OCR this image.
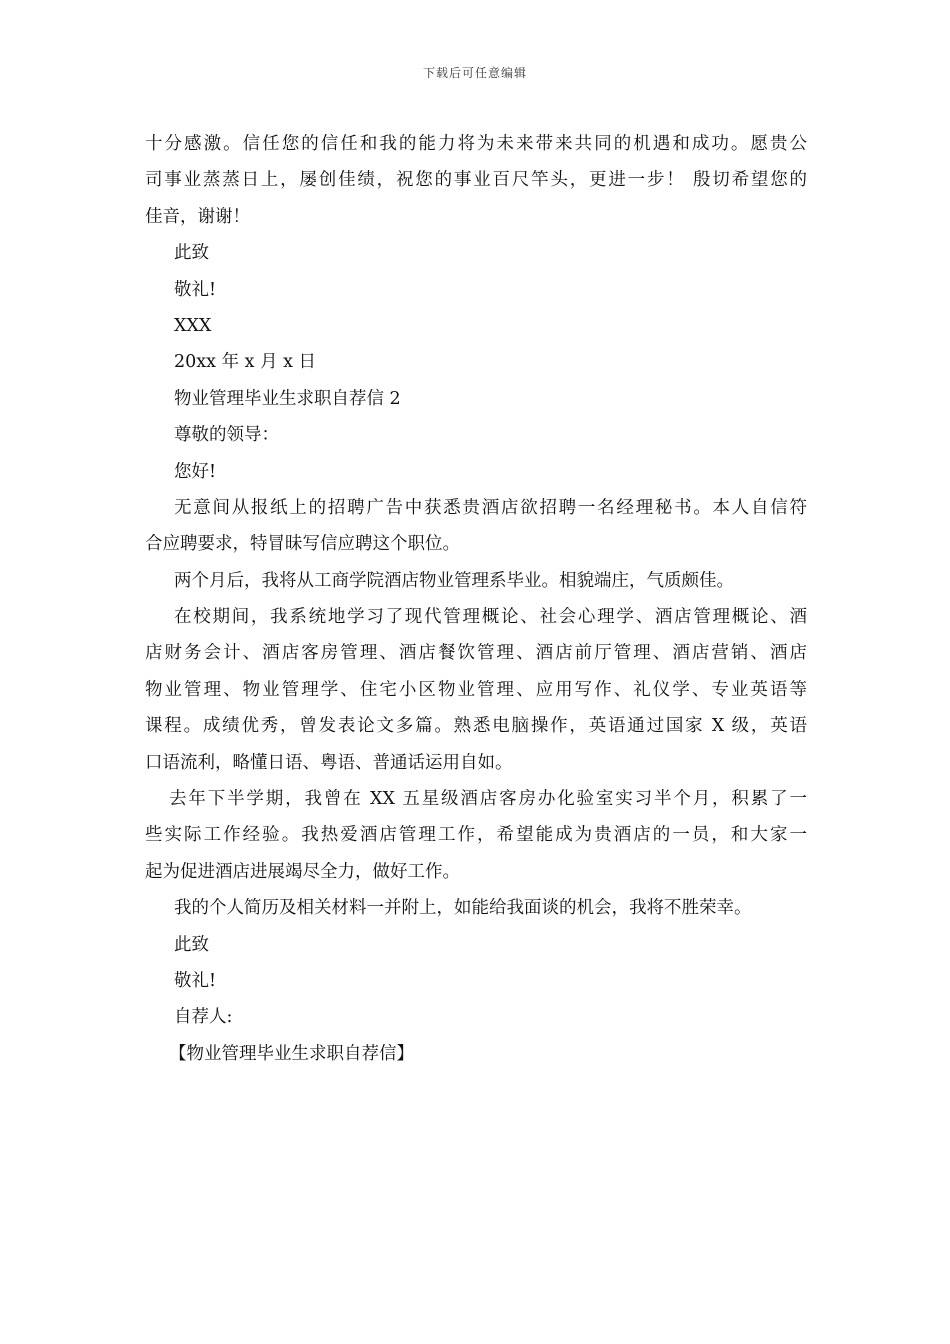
下载后可任意编辑
十分感激。信任您的信任和我的能力将为未来带来共同的机遇和成功。愿贵公
司事业蒸蒸日上，屡创佳绩，祝您的事业百尺竿头，更进一步！ 殷切希望您的
佳音，谢谢！
此致
敬礼!
XXX
20xx 年 x 月 x 日
物业管理毕业生求职自荐信 2
尊敬的领导：
您好!
无意间从报纸上的招聘广告中获悉贵酒店欲招聘一名经理秘书。本人自信符
合应聘要求，特冒昧写信应聘这个职位。
两个月后，我将从工商学院酒店物业管理系毕业。相貌端庄，气质颇佳。
在校期间，我系统地学习了现代管理概论、社会心理学、酒店管理概论、酒
店财务会计、酒店客房管理、酒店餐饮管理、酒店前厅管理、酒店营销、酒店
物业管理、物业管理学、住宅小区物业管理、应用写作、礼仪学、专业英语等
课程。成绩优秀，曾发表论文多篇。熟悉电脑操作，英语通过国家 X 级，英语
口语流利，略懂日语、粤语、普通话运用自如。
去年下半学期，我曾在 XX 五星级酒店客房办化验室实习半个月，积累了一
些实际工作经验。我热爱酒店管理工作，希望能成为贵酒店的一员，和大家一
起为促进酒店进展竭尽全力，做好工作。
我的个人简历及相关材料一并附上，如能给我面谈的机会，我将不胜荣幸。
此致
敬礼!
自荐人:
【物业管理毕业生求职自荐信】
